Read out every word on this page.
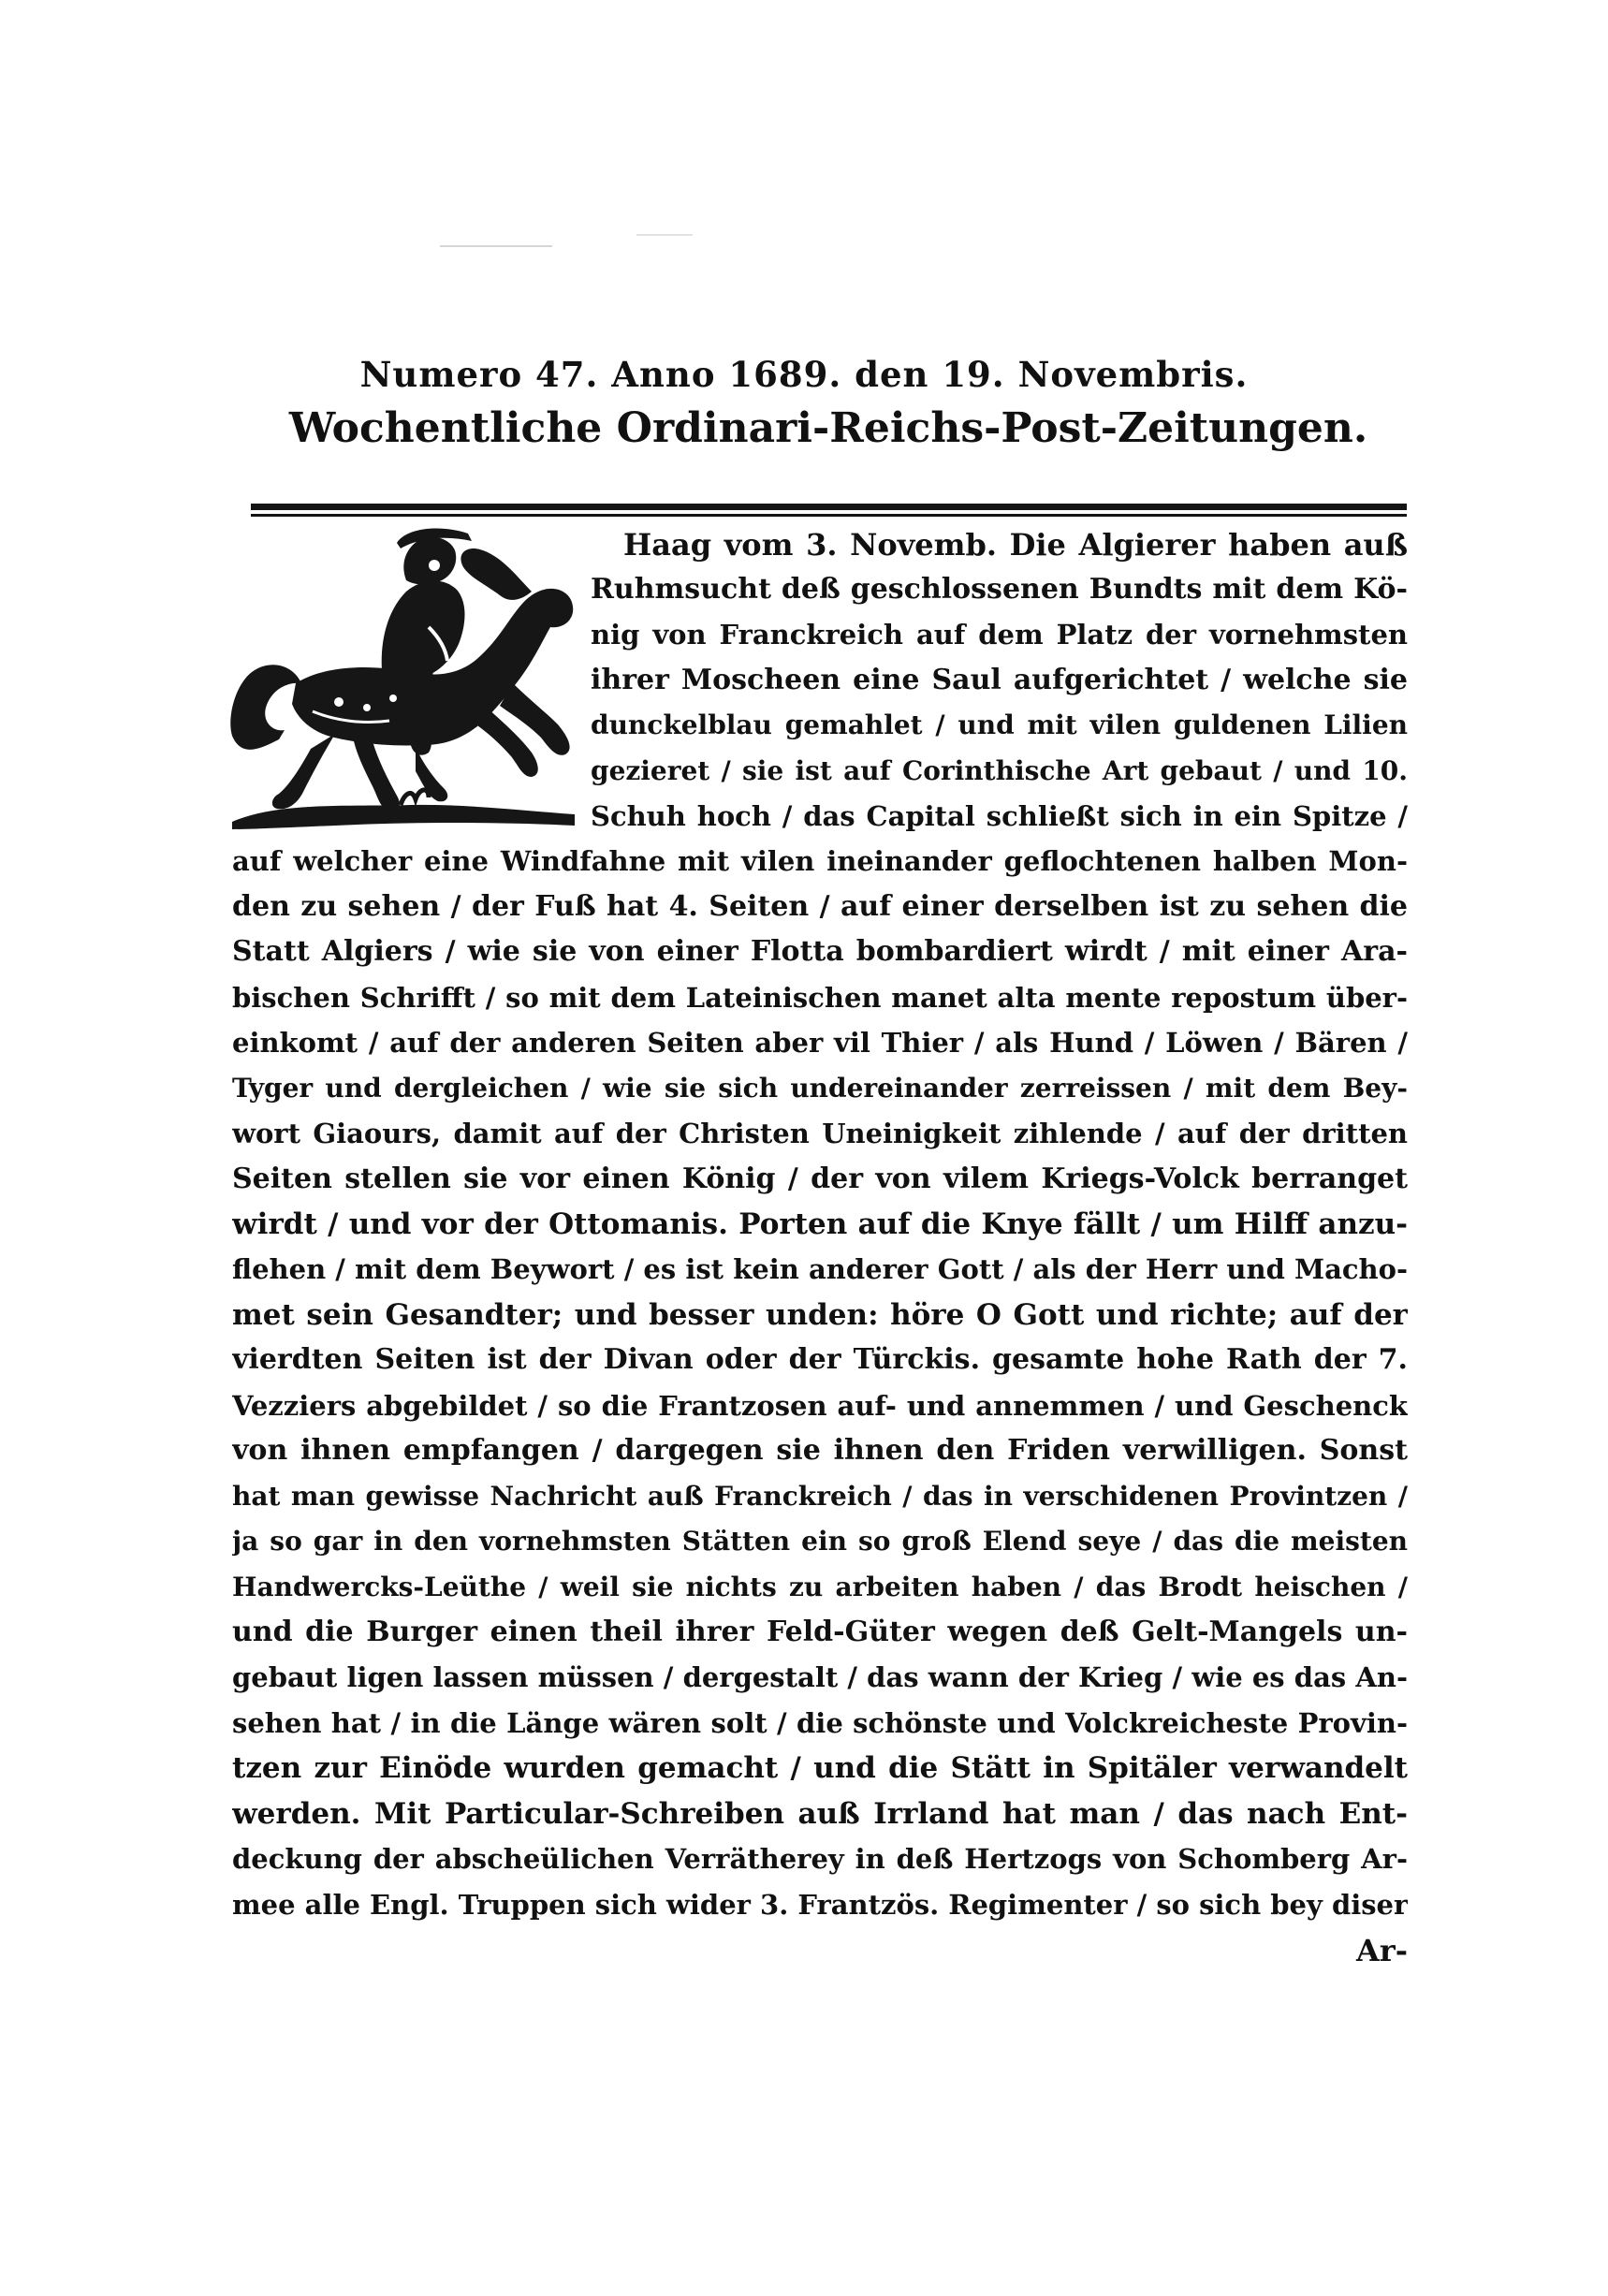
Numero 47. Anno 1689. den 19. Novembris.
Wochentliche Ordinari-Reichs-Post-Zeitungen.
Haag vom 3. Novemb. Die Algierer haben auß
Ruhmsucht deß geschlossenen Bundts mit dem Kö-
nig von Franckreich auf dem Platz der vornehmsten
ihrer Moscheen eine Saul aufgerichtet / welche sie
dunckelblau gemahlet / und mit vilen guldenen Lilien
gezieret / sie ist auf Corinthische Art gebaut / und 10.
Schuh hoch / das Capital schließt sich in ein Spitze /
auf welcher eine Windfahne mit vilen ineinander geflochtenen halben Mon-
den zu sehen / der Fuß hat 4. Seiten / auf einer derselben ist zu sehen die
Statt Algiers / wie sie von einer Flotta bombardiert wirdt / mit einer Ara-
bischen Schrifft / so mit dem Lateinischen manet alta mente repostum über-
einkomt / auf der anderen Seiten aber vil Thier / als Hund / Löwen / Bären /
Tyger und dergleichen / wie sie sich undereinander zerreissen / mit dem Bey-
wort Giaours, damit auf der Christen Uneinigkeit zihlende / auf der dritten
Seiten stellen sie vor einen König / der von vilem Kriegs-Volck berranget
wirdt / und vor der Ottomanis. Porten auf die Knye fällt / um Hilff anzu-
flehen / mit dem Beywort / es ist kein anderer Gott / als der Herr und Macho-
met sein Gesandter; und besser unden: höre O Gott und richte; auf der
vierdten Seiten ist der Divan oder der Türckis. gesamte hohe Rath der 7.
Vezziers abgebildet / so die Frantzosen auf- und annemmen / und Geschenck
von ihnen empfangen / dargegen sie ihnen den Friden verwilligen. Sonst
hat man gewisse Nachricht auß Franckreich / das in verschidenen Provintzen /
ja so gar in den vornehmsten Stätten ein so groß Elend seye / das die meisten
Handwercks-Leüthe / weil sie nichts zu arbeiten haben / das Brodt heischen /
und die Burger einen theil ihrer Feld-Güter wegen deß Gelt-Mangels un-
gebaut ligen lassen müssen / dergestalt / das wann der Krieg / wie es das An-
sehen hat / in die Länge wären solt / die schönste und Volckreicheste Provin-
tzen zur Einöde wurden gemacht / und die Stätt in Spitäler verwandelt
werden. Mit Particular-Schreiben auß Irrland hat man / das nach Ent-
deckung der abscheülichen Verrätherey in deß Hertzogs von Schomberg Ar-
mee alle Engl. Truppen sich wider 3. Frantzös. Regimenter / so sich bey diser
Ar-
